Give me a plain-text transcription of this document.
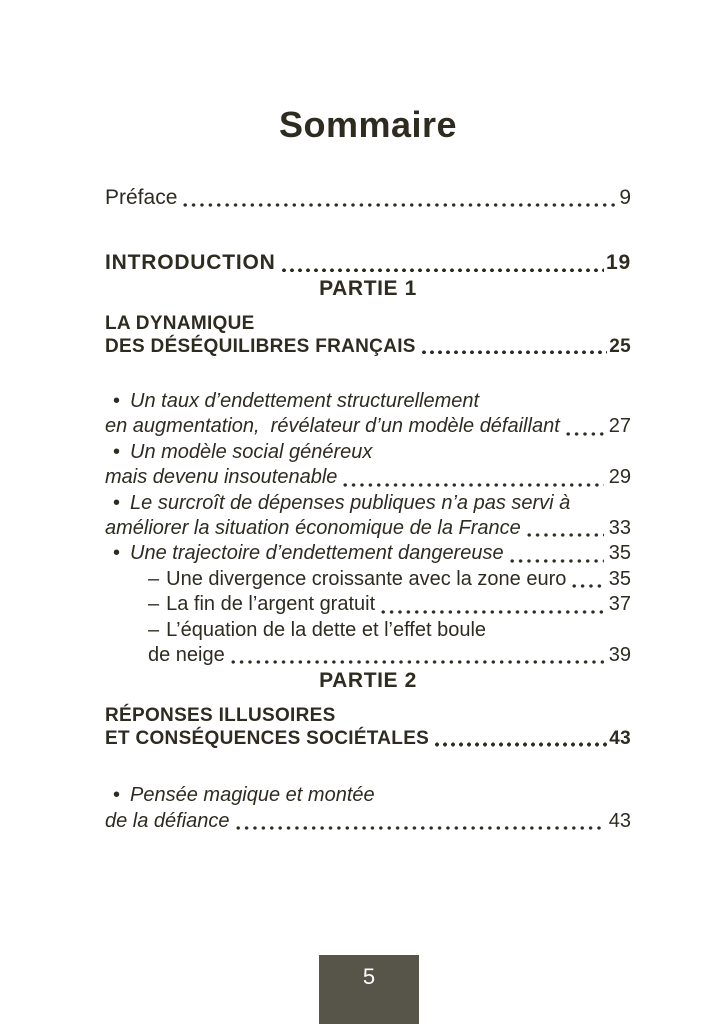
Sommaire
Préface	9
INTRODUCTION	19
PARTIE 1
LA DYNAMIQUE
DES DÉSÉQUILIBRES FRANÇAIS	25
• Un taux d’endettement structurellement
en augmentation,  révélateur d’un modèle défaillant 27
• Un modèle social généreux
mais devenu insoutenable	29
• Le surcroît de dépenses publiques n’a pas servi à
améliorer la situation économique de la France	33
• Une trajectoire d’endettement dangereuse	35
– Une divergence croissante avec la zone euro 35
– La fin de l’argent gratuit	37
– L’équation de la dette et l’effet boule
de neige	39
PARTIE 2
RÉPONSES ILLUSOIRES
ET CONSÉQUENCES SOCIÉTALES	43
• Pensée magique et montée
de la défiance	43
5
